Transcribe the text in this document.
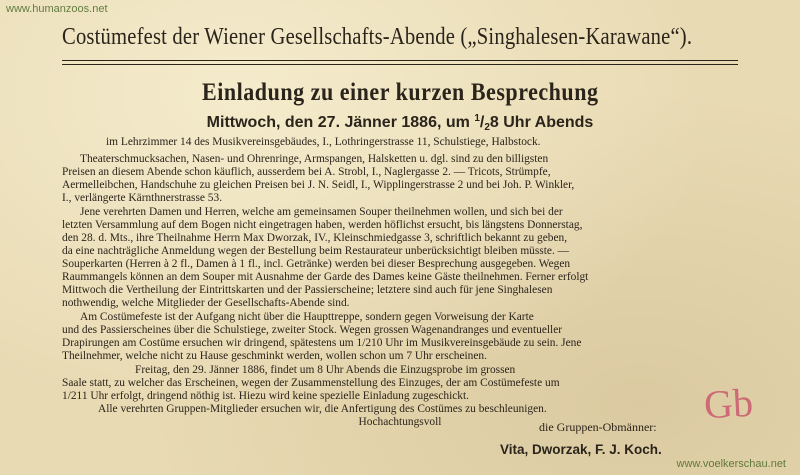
www.humanzoos.net
Costümefest der Wiener Gesellschafts-Abende („Singhalesen-Karawane“).
Einladung zu einer kurzen Besprechung
Mittwoch, den 27. Jänner 1886, um $^1/_28$ Uhr Abends
im Lehrzimmer 14 des Musikvereinsgebäudes, I., Lothringerstrasse 11, Schulstiege, Halbstock.
Theaterschmucksachen, Nasen- und Ohrenringe, Armspangen, Halsketten u. dgl. sind zu den billigsten
Preisen an diesem Abende schon käuflich, ausserdem bei A. Strobl, I., Naglergasse 2. — Tricots, Strümpfe,
Aermelleibchen, Handschuhe zu gleichen Preisen bei J. N. Seidl, I., Wipplingerstrasse 2 und bei Joh. P. Winkler,
I., verlängerte Kärnthnerstrasse 53.
Jene verehrten Damen und Herren, welche am gemeinsamen Souper theilnehmen wollen, und sich bei der
letzten Versammlung auf dem Bogen nicht eingetragen haben, werden höflichst ersucht, bis längstens Donnerstag,
den 28. d. Mts., ihre Theilnahme Herrn Max Dworzak, IV., Kleinschmiedgasse 3, schriftlich bekannt zu geben,
da eine nachträgliche Anmeldung wegen der Bestellung beim Restaurateur unberücksichtigt bleiben müsste. —
Souperkarten (Herren à 2 fl., Damen à 1 fl., incl. Getränke) werden bei dieser Besprechung ausgegeben. Wegen
Raummangels können an dem Souper mit Ausnahme der Garde des Dames keine Gäste theilnehmen. Ferner erfolgt
Mittwoch die Vertheilung der Eintrittskarten und der Passierscheine; letztere sind auch für jene Singhalesen
nothwendig, welche Mitglieder der Gesellschafts-Abende sind.
Am Costümefeste ist der Aufgang nicht über die Haupttreppe, sondern gegen Vorweisung der Karte
und des Passierscheines über die Schulstiege, zweiter Stock. Wegen grossen Wagenandranges und eventueller
Drapirungen am Costüme ersuchen wir dringend, spätestens um 1/210 Uhr im Musikvereinsgebäude zu sein. Jene
Theilnehmer, welche nicht zu Hause geschminkt werden, wollen schon um 7 Uhr erscheinen.
Freitag, den 29. Jänner 1886, findet um 8 Uhr Abends die Einzugsprobe im grossen
Saale statt, zu welcher das Erscheinen, wegen der Zusammenstellung des Einzuges, der am Costümefeste um
1/211 Uhr erfolgt, dringend nöthig ist. Hiezu wird keine spezielle Einladung zugeschickt.
Alle verehrten Gruppen-Mitglieder ersuchen wir, die Anfertigung des Costümes zu beschleunigen.
Hochachtungsvoll	Gb
die Gruppen-Obmänner:
Vita, Dworzak, F. J. Koch.
www.voelkerschau.net
